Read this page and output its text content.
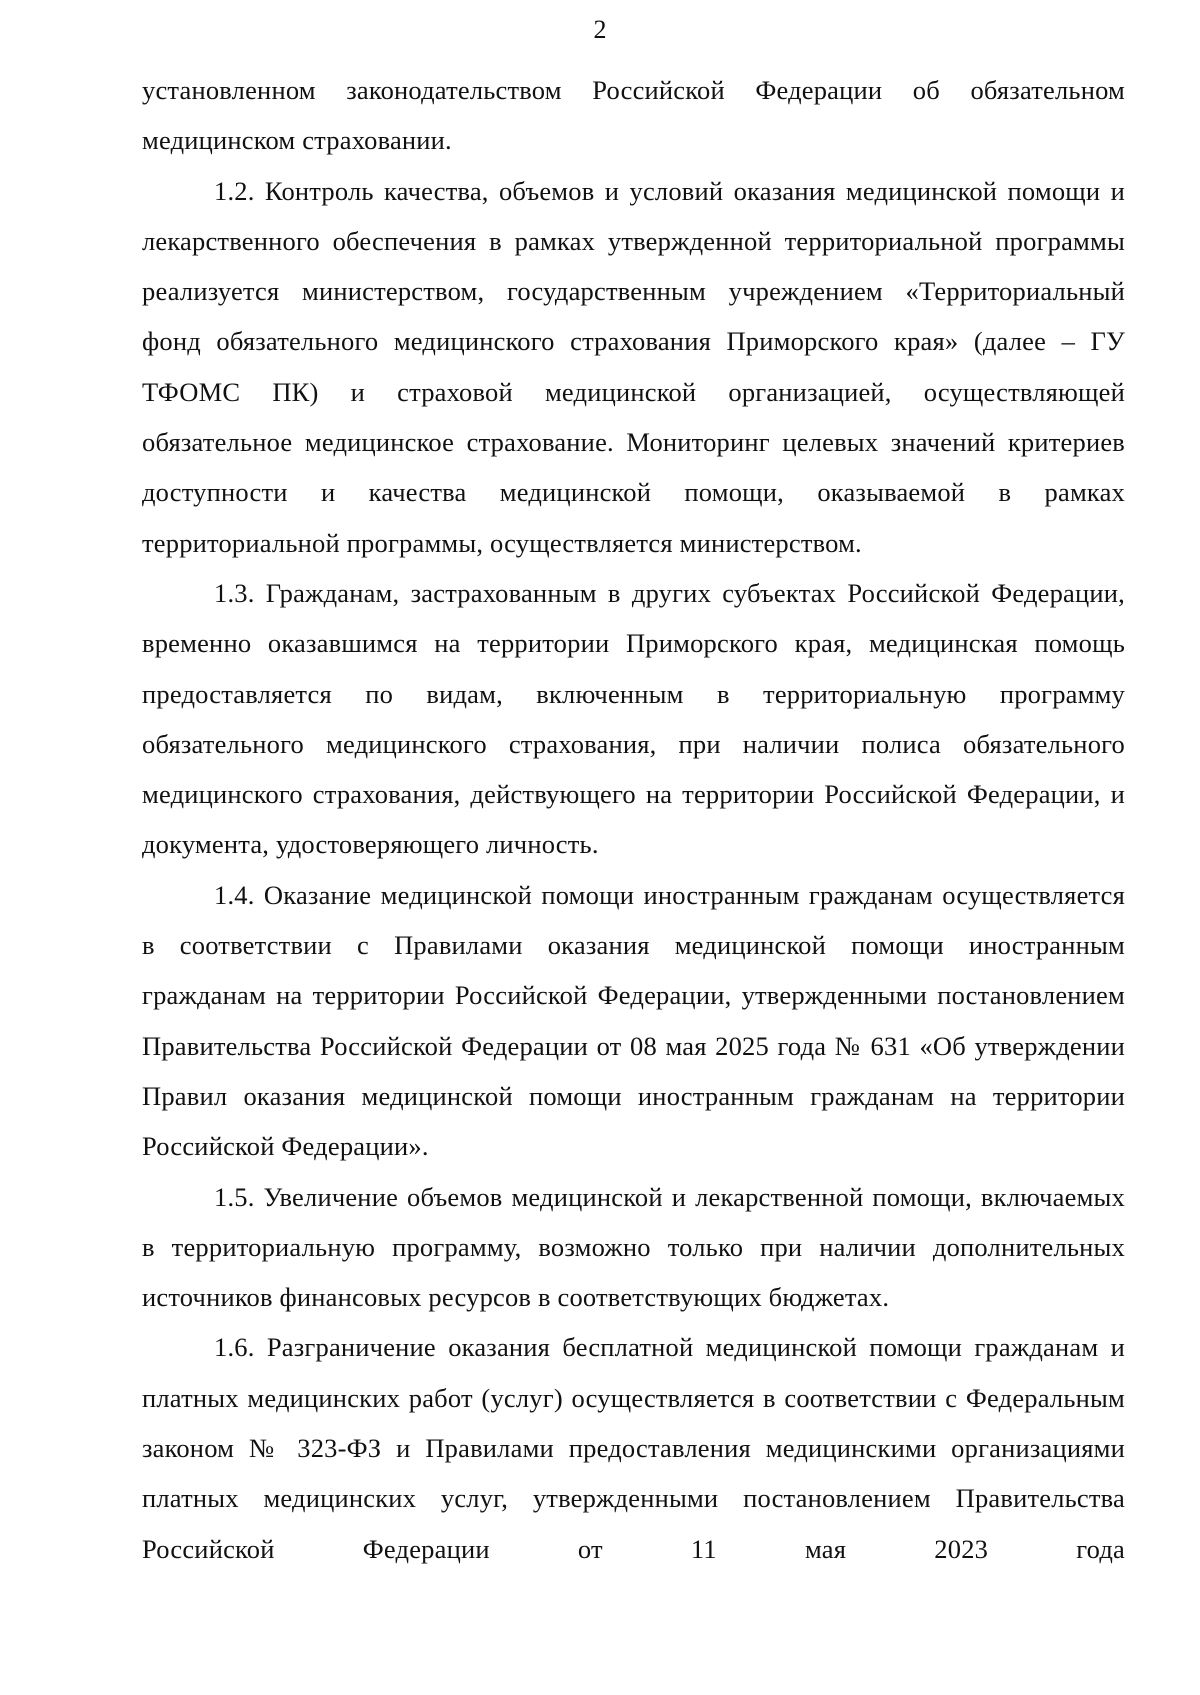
2

установленном законодательством Российской Федерации об обязательном медицинском страховании.

1.2. Контроль качества, объемов и условий оказания медицинской помощи и лекарственного обеспечения в рамках утвержденной территориальной программы реализуется министерством, государственным учреждением «Территориальный фонд обязательного медицинского страхования Приморского края» (далее – ГУ ТФОМС ПК) и страховой медицинской организацией, осуществляющей обязательное медицинское страхование. Мониторинг целевых значений критериев доступности и качества медицинской помощи, оказываемой в рамках территориальной программы, осуществляется министерством.

1.3. Гражданам, застрахованным в других субъектах Российской Федерации, временно оказавшимся на территории Приморского края, медицинская помощь предоставляется по видам, включенным в территориальную программу обязательного медицинского страхования, при наличии полиса обязательного медицинского страхования, действующего на территории Российской Федерации, и документа, удостоверяющего личность.

1.4. Оказание медицинской помощи иностранным гражданам осуществляется в соответствии с Правилами оказания медицинской помощи иностранным гражданам на территории Российской Федерации, утвержденными постановлением Правительства Российской Федерации от 08 мая 2025 года № 631 «Об утверждении Правил оказания медицинской помощи иностранным гражданам на территории Российской Федерации».

1.5. Увеличение объемов медицинской и лекарственной помощи, включаемых в территориальную программу, возможно только при наличии дополнительных источников финансовых ресурсов в соответствующих бюджетах.

1.6. Разграничение оказания бесплатной медицинской помощи гражданам и платных медицинских работ (услуг) осуществляется в соответствии с Федеральным законом № 323-ФЗ и Правилами предоставления медицинскими организациями платных медицинских услуг, утвержденными постановлением Правительства Российской Федерации от 11 мая 2023 года
